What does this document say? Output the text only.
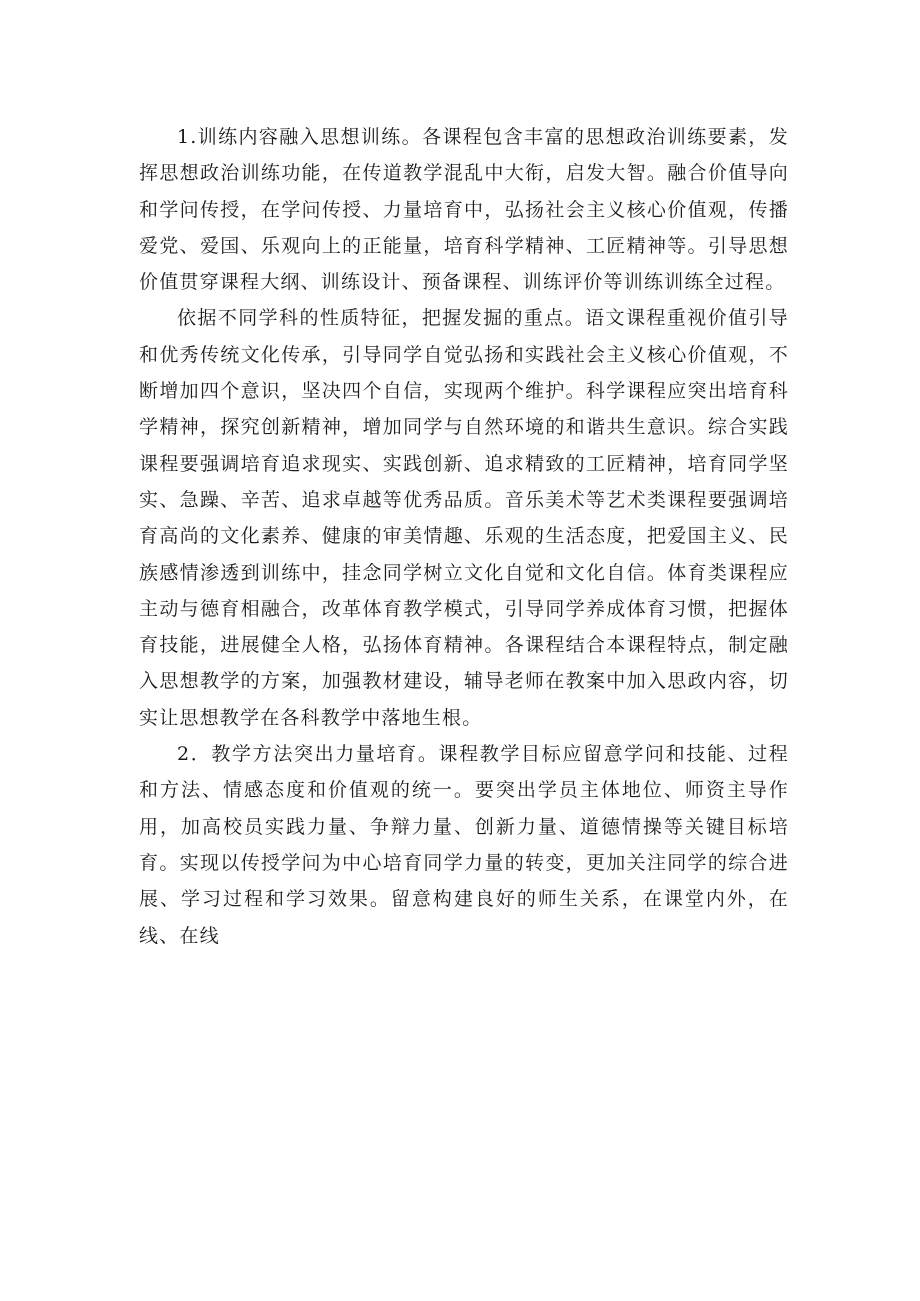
1.训练内容融入思想训练。各课程包含丰富的思想政治训练要素，发挥思想政治训练功能，在传道教学混乱中大衔，启发大智。融合价值导向和学问传授，在学问传授、力量培育中，弘扬社会主义核心价值观，传播爱党、爱国、乐观向上的正能量，培育科学精神、工匠精神等。引导思想价值贯穿课程大纲、训练设计、预备课程、训练评价等训练训练全过程。

依据不同学科的性质特征，把握发掘的重点。语文课程重视价值引导和优秀传统文化传承，引导同学自觉弘扬和实践社会主义核心价值观，不断增加四个意识，坚决四个自信，实现两个维护。科学课程应突出培育科学精神，探究创新精神，增加同学与自然环境的和谐共生意识。综合实践课程要强调培育追求现实、实践创新、追求精致的工匠精神，培育同学坚实、急躁、辛苦、追求卓越等优秀品质。音乐美术等艺术类课程要强调培育高尚的文化素养、健康的审美情趣、乐观的生活态度，把爱国主义、民族感情渗透到训练中，挂念同学树立文化自觉和文化自信。体育类课程应主动与德育相融合，改革体育教学模式，引导同学养成体育习惯，把握体育技能，进展健全人格，弘扬体育精神。各课程结合本课程特点，制定融入思想教学的方案，加强教材建设，辅导老师在教案中加入思政内容，切实让思想教学在各科教学中落地生根。

2．教学方法突出力量培育。课程教学目标应留意学问和技能、过程和方法、情感态度和价值观的统一。要突出学员主体地位、师资主导作用，加高校员实践力量、争辩力量、创新力量、道德情操等关键目标培育。实现以传授学问为中心培育同学力量的转变，更加关注同学的综合进展、学习过程和学习效果。留意构建良好的师生关系，在课堂内外，在线、在线
